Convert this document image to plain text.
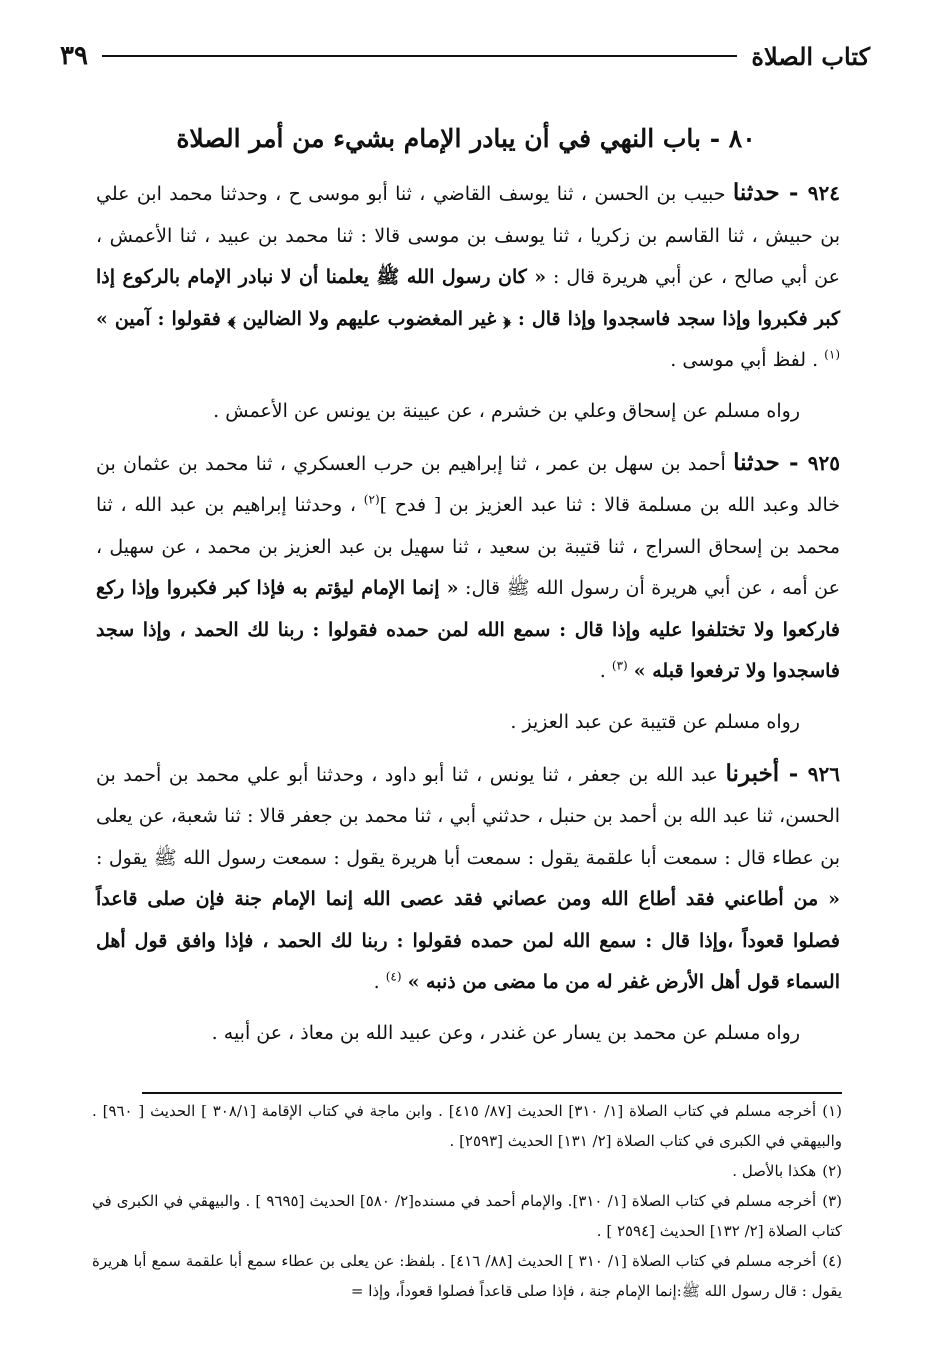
كتاب الصلاة
٣٩
٨٠ - باب النهي في أن يبادر الإمام بشيء من أمر الصلاة

٩٢٤ - حدثنا حبيب بن الحسن ، ثنا يوسف القاضي ، ثنا أبو موسى ح ، وحدثنا محمد ابن علي بن حبيش ، ثنا القاسم بن زكريا ، ثنا يوسف بن موسى قالا : ثنا محمد بن عبيد ، ثنا الأعمش ، عن أبي صالح ، عن أبي هريرة قال : « كان رسول الله ﷺ يعلمنا أن لا نبادر الإمام بالركوع إذا كبر فكبروا وإذا سجد فاسجدوا وإذا قال : ﴿ غير المغضوب عليهم ولا الضالين ﴾ فقولوا : آمين » $^{(١)}$ . لفظ أبي موسى .

رواه مسلم عن إسحاق وعلي بن خشرم ، عن عيينة بن يونس عن الأعمش .

٩٢٥ - حدثنا أحمد بن سهل بن عمر ، ثنا إبراهيم بن حرب العسكري ، ثنا محمد بن عثمان بن خالد وعبد الله بن مسلمة قالا : ثنا عبد العزيز بن [ فدح ]$^{(٢)}$ ، وحدثنا إبراهيم بن عبد الله ، ثنا محمد بن إسحاق السراج ، ثنا قتيبة بن سعيد ، ثنا سهيل بن عبد العزيز بن محمد ، عن سهيل ، عن أمه ، عن أبي هريرة أن رسول الله ﷺ قال: « إنما الإمام ليؤتم به فإذا كبر فكبروا وإذا ركع فاركعوا ولا تختلفوا عليه وإذا قال : سمع الله لمن حمده فقولوا : ربنا لك الحمد ، وإذا سجد فاسجدوا ولا ترفعوا قبله » $^{(٣)}$ .

رواه مسلم عن قتيبة عن عبد العزيز .

٩٢٦ - أخبرنا عبد الله بن جعفر ، ثنا يونس ، ثنا أبو داود ، وحدثنا أبو علي محمد بن أحمد بن الحسن، ثنا عبد الله بن أحمد بن حنبل ، حدثني أبي ، ثنا محمد بن جعفر قالا : ثنا شعبة، عن يعلى بن عطاء قال : سمعت أبا علقمة يقول : سمعت أبا هريرة يقول : سمعت رسول الله ﷺ يقول : « من أطاعني فقد أطاع الله ومن عصاني فقد عصى الله إنما الإمام جنة فإن صلى قاعداً فصلوا قعوداً ،وإذا قال : سمع الله لمن حمده فقولوا : ربنا لك الحمد ، فإذا وافق قول أهل السماء قول أهل الأرض غفر له من ما مضى من ذنبه » $^{(٤)}$ .

رواه مسلم عن محمد بن يسار عن غندر ، وعن عبيد الله بن معاذ ، عن أبيه .

(١)أخرجه مسلم في كتاب الصلاة [١/ ٣١٠] الحديث [٨٧/ ٤١٥] . وابن ماجة في كتاب الإقامة [٣٠٨/١ ] الحديث [ ٩٦٠] . والبيهقي في الكبرى في كتاب الصلاة [٢/ ١٣١] الحديث [٢٥٩٣] .

(٢)هكذا بالأصل .

(٣)أخرجه مسلم في كتاب الصلاة [١/ ٣١٠]. والإمام أحمد في مسنده[٢/ ٥٨٠] الحديث [٩٦٩٥ ] . والبيهقي في الكبرى في كتاب الصلاة [٢/ ١٣٢] الحديث [٢٥٩٤ ] .

(٤)أخرجه مسلم في كتاب الصلاة [١/ ٣١٠ ] الحديث [٨٨/ ٤١٦] . بلفظ: عن يعلى بن عطاء سمع أبا علقمة سمع أبا هريرة يقول : قال رسول الله ﷺ:إنما الإمام جنة ، فإذا صلى قاعداً فصلوا قعوداً، وإذا =
